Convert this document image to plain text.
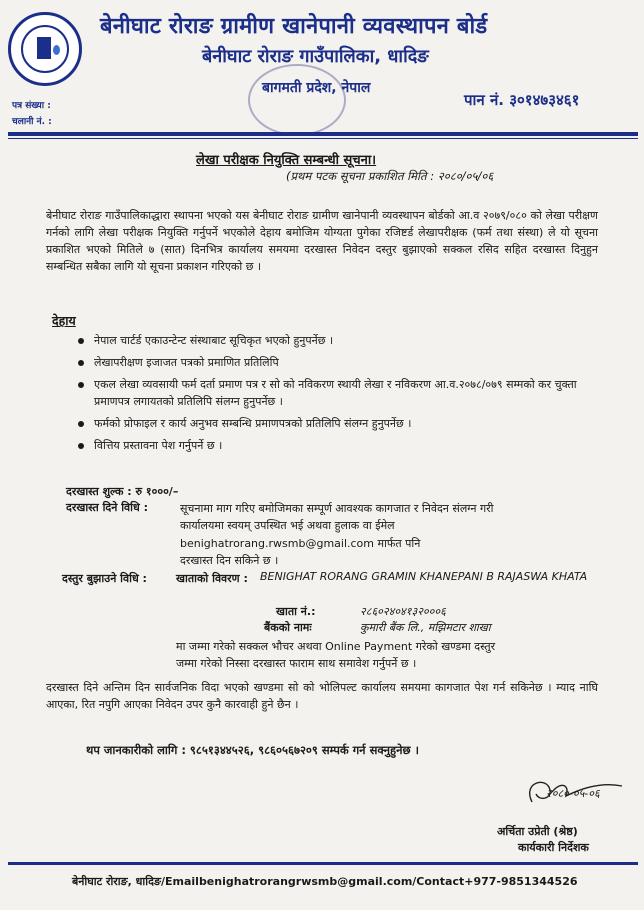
बेनीघाट रोराङ ग्रामीण खानेपानी व्यवस्थापन बोर्ड
बेनीघाट रोराङ गाउँपालिका, धादिङ
बागमती प्रदेश, नेपाल
पत्र संख्या :
चलानी नं. :
पान नं. ३०१४७३४६१
लेखा परीक्षक नियुक्ति सम्बन्धी सूचना।
(प्रथम पटक सूचना प्रकाशित मिति : २०८०/०५/०६
बेनीघाट रोराङ गाउँपालिकाद्धारा स्थापना भएको यस बेनीघाट रोराङ ग्रामीण खानेपानी व्यवस्थापन बोर्डको आ.व २०७९/०८० को लेखा परीक्षण गर्नको लागि लेखा परीक्षक नियुक्ति गर्नुपर्ने भएकोले देहाय बमोजिम योग्यता पुगेका रजिष्टर्ड लेखापरीक्षक (फर्म तथा संस्था) ले यो सूचना प्रकाशित भएको मितिले ७ (सात) दिनभित्र कार्यालय समयमा दरखास्त निवेदन दस्तुर बुझाएको सक्कल रसिद सहित दरखास्त दिनुहुन सम्बन्धित सबैका लागि यो सूचना प्रकाशन गरिएको छ ।
देहाय
नेपाल चार्टर्ड एकाउन्टेन्ट संस्थाबाट सूचिकृत भएको हुनुपर्नेछ ।
लेखापरीक्षण इजाजत पत्रको प्रमाणित प्रतिलिपि
एकल लेखा व्यवसायी फर्म दर्ता प्रमाण पत्र र सो को नविकरण स्थायी लेखा र नविकरण आ.व.२०७८/०७९ सम्मको कर चुक्ता प्रमाणपत्र लगायतको प्रतिलिपि संलग्न हुनुपर्नेछ ।
फर्मको प्रोफाइल र कार्य अनुभव सम्बन्धि प्रमाणपत्रको प्रतिलिपि संलग्न हुनुपर्नेछ ।
वित्तिय प्रस्तावना पेश गर्नुपर्ने छ ।
दरखास्त शुल्क : रु १०००/–
दरखास्त दिने विधि :	सूचनामा माग गरिए बमोजिमका सम्पूर्ण आवश्यक कागजात र निवेदन संलग्न गरी
कार्यालयमा स्वयम् उपस्थित भई अथवा हुलाक वा ईमेल
benighatrorang.rwsmb@gmail.com मार्फत पनि
दरखास्त दिन सकिने छ ।
दस्तुर बुझाउने विधि :	खाताको विवरण : BENIGHAT RORANG GRAMIN KHANEPANI B RAJASWA KHATA
खाता नं.:	२८६०२४०४१३२०००६
बैंकको नामः	कुमारी बैंक लि., मझिमटार शाखा
मा जम्मा गरेको सक्कल भौचर अथवा Online Payment गरेको खण्डमा दस्तुर
जम्मा गरेको निस्सा दरखास्त फाराम साथ समावेश गर्नुपर्ने छ ।
दरखास्त दिने अन्तिम दिन सार्वजनिक विदा भएको खण्डमा सो को भोलिपल्ट कार्यालय समयमा कागजात पेश गर्न सकिनेछ । म्याद नाघि आएका, रित नपुगि आएका निवेदन उपर कुनै कारवाही हुने छैन ।
थप जानकारीको लागि : ९८५१३४४५२६, ९८६०५६७२०९ सम्पर्क गर्न सक्नुहुनेछ ।
२०८०-०५-०६
अर्चिता उप्रेती (श्रेष्ठ)
कार्यकारी निर्देशक
बेनीघाट रोराङ, धादिङ/Emailbenighatrorangrwsmb@gmail.com/Contact+977-9851344526
